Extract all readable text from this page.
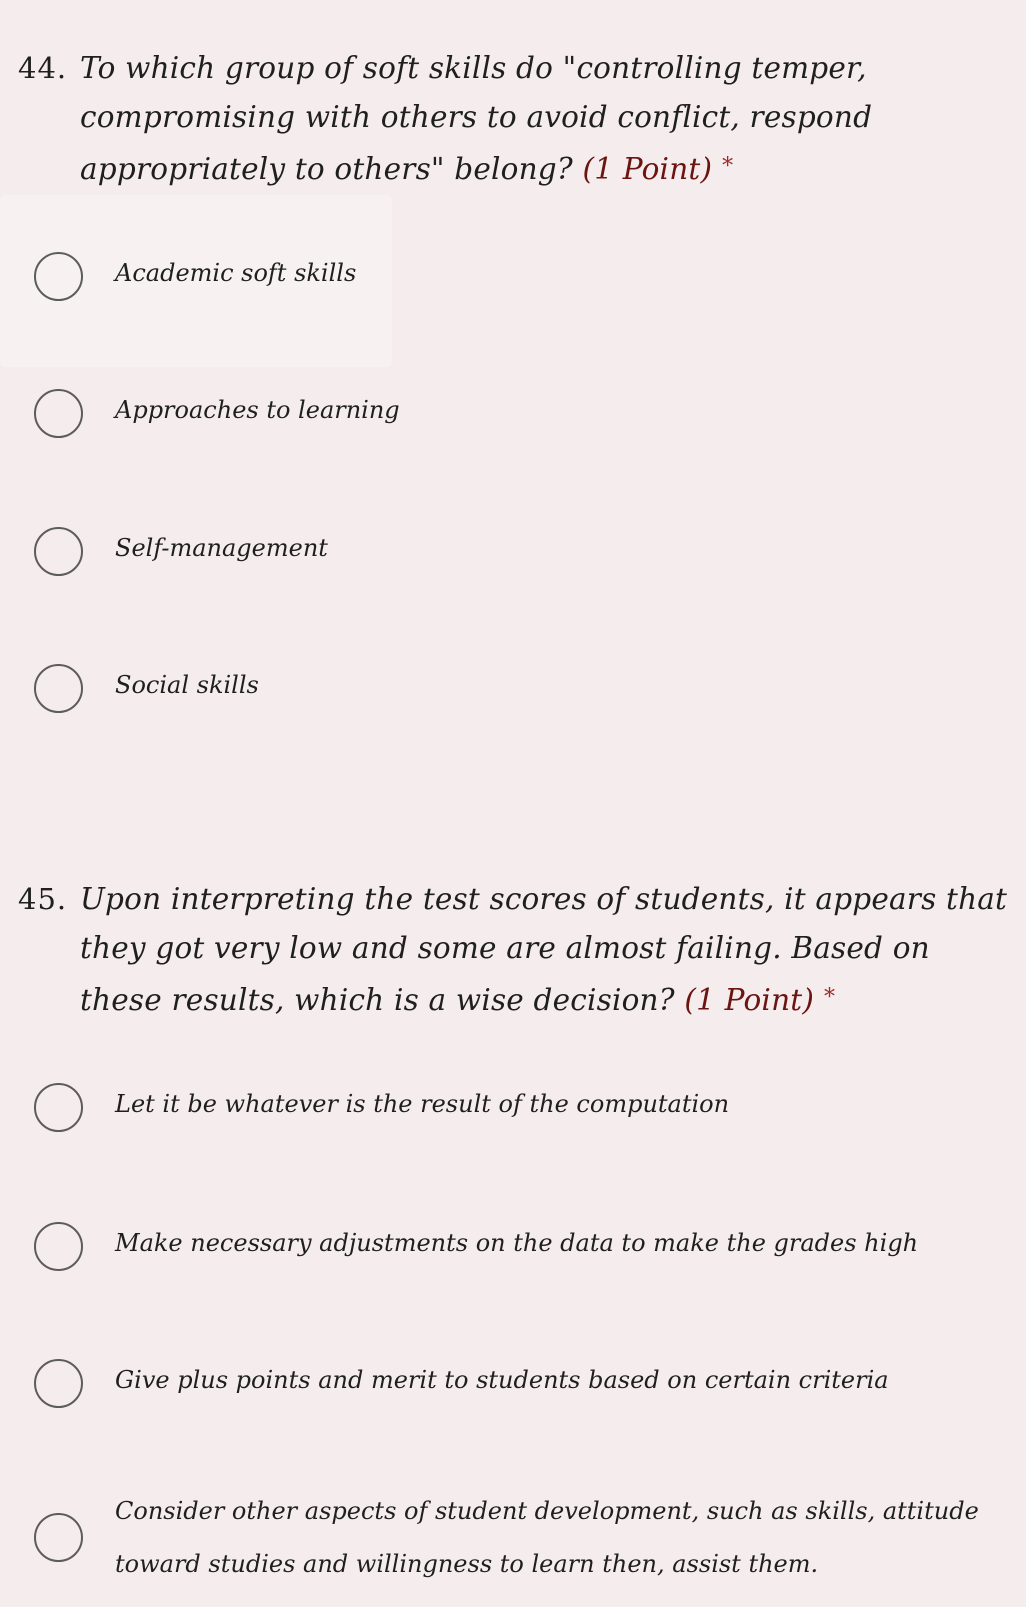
44. To which group of soft skills do "controlling temper, compromising with others to avoid conflict, respond appropriately to others" belong? (1 Point) *
Academic soft skills
Approaches to learning
Self-management
Social skills
45. Upon interpreting the test scores of students, it appears that they got very low and some are almost failing. Based on these results, which is a wise decision? (1 Point) *
Let it be whatever is the result of the computation
Make necessary adjustments on the data to make the grades high
Give plus points and merit to students based on certain criteria
Consider other aspects of student development, such as skills, attitude toward studies and willingness to learn then, assist them.
